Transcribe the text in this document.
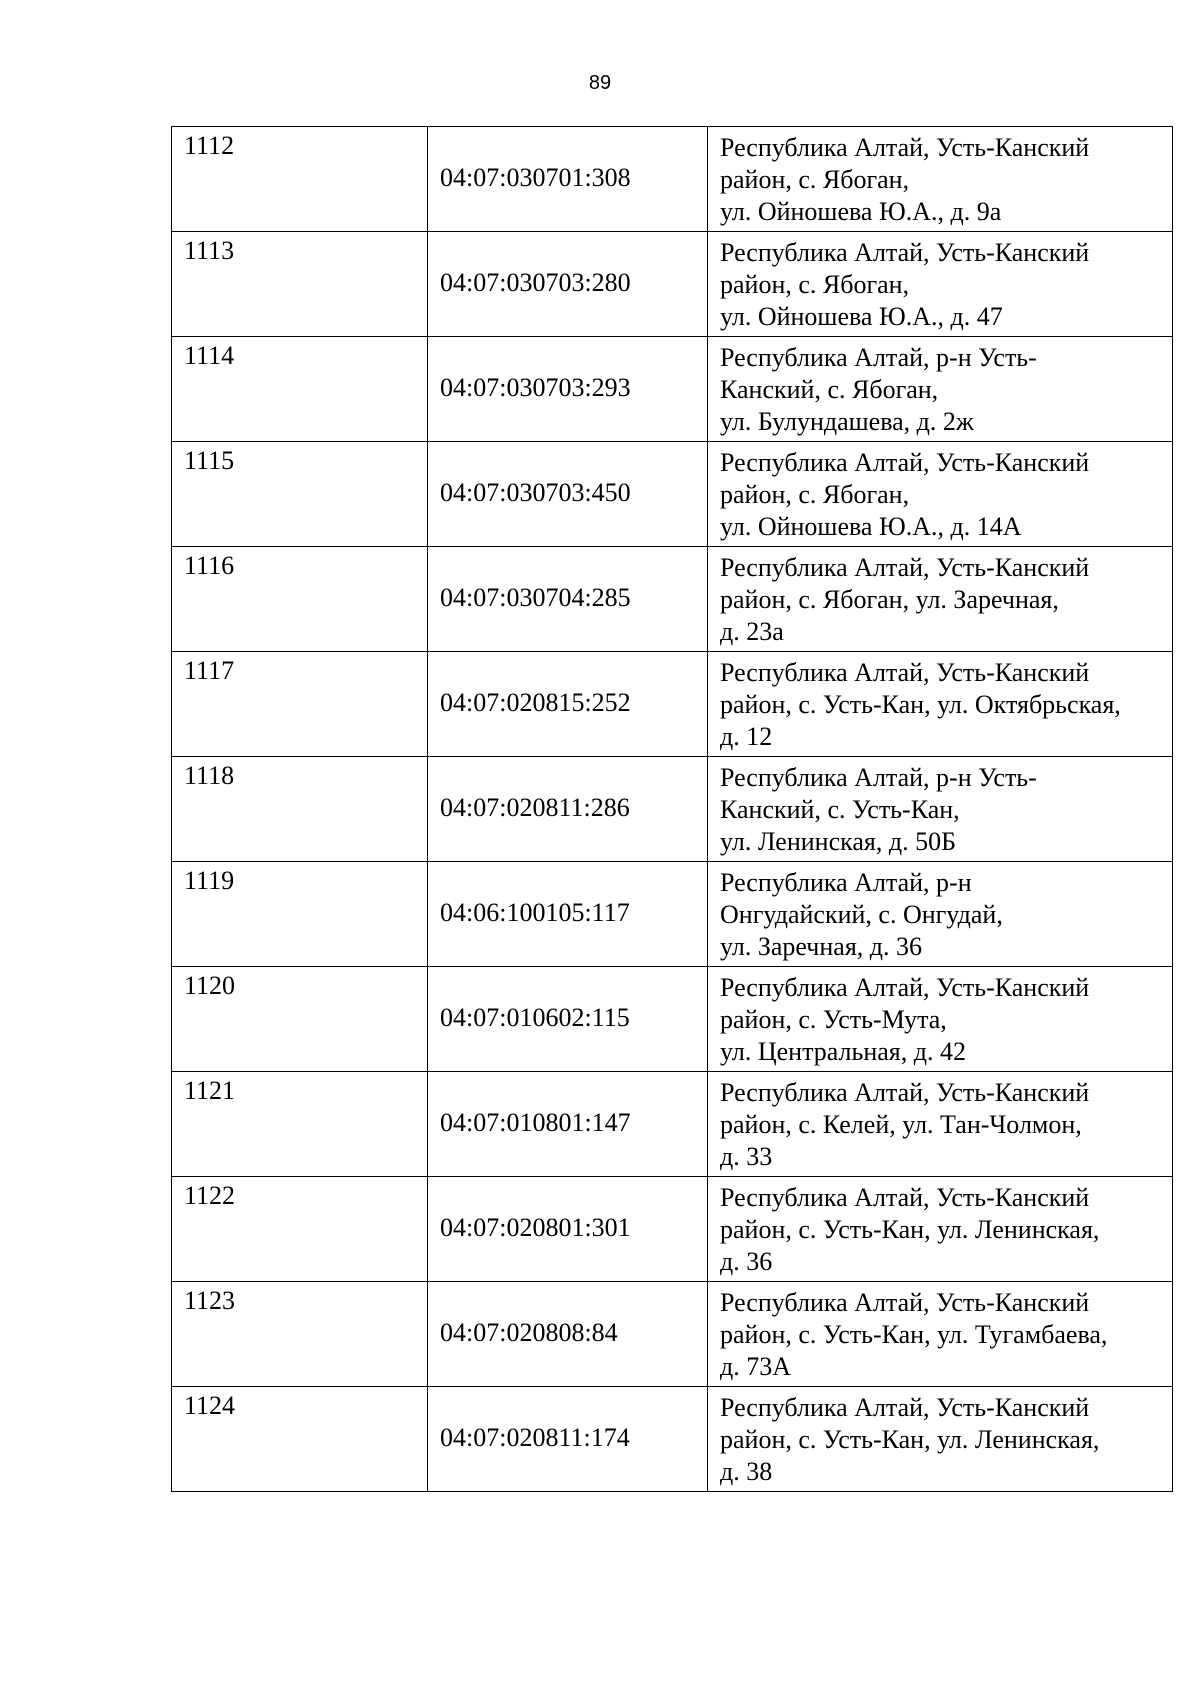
89
1112	04:07:030701:308	Республика Алтай, Усть-Канский
район, с. Ябоган,
ул. Ойношева Ю.А., д. 9а

1113	04:07:030703:280	Республика Алтай, Усть-Канский
район, с. Ябоган,
ул. Ойношева Ю.А., д. 47

1114	04:07:030703:293	Республика Алтай, р-н Усть-
Канский, с. Ябоган,
ул. Булундашева, д. 2ж

1115	04:07:030703:450	Республика Алтай, Усть-Канский
район, с. Ябоган,
ул. Ойношева Ю.А., д. 14А

1116	04:07:030704:285	Республика Алтай, Усть-Канский
район, с. Ябоган, ул. Заречная,
д. 23а

1117	04:07:020815:252	Республика Алтай, Усть-Канский
район, с. Усть-Кан, ул. Октябрьская,
д. 12

1118	04:07:020811:286	Республика Алтай, р-н Усть-
Канский, с. Усть-Кан,
ул. Ленинская, д. 50Б

1119	04:06:100105:117	Республика Алтай, р-н
Онгудайский, с. Онгудай,
ул. Заречная, д. 36

1120	04:07:010602:115	Республика Алтай, Усть-Канский
район, с. Усть-Мута,
ул. Центральная, д. 42

1121	04:07:010801:147	Республика Алтай, Усть-Канский
район, с. Келей, ул. Тан-Чолмон,
д. 33

1122	04:07:020801:301	Республика Алтай, Усть-Канский
район, с. Усть-Кан, ул. Ленинская,
д. 36

1123	04:07:020808:84	Республика Алтай, Усть-Канский
район, с. Усть-Кан, ул. Тугамбаева,
д. 73А

1124	04:07:020811:174	Республика Алтай, Усть-Канский
район, с. Усть-Кан, ул. Ленинская,
д. 38
